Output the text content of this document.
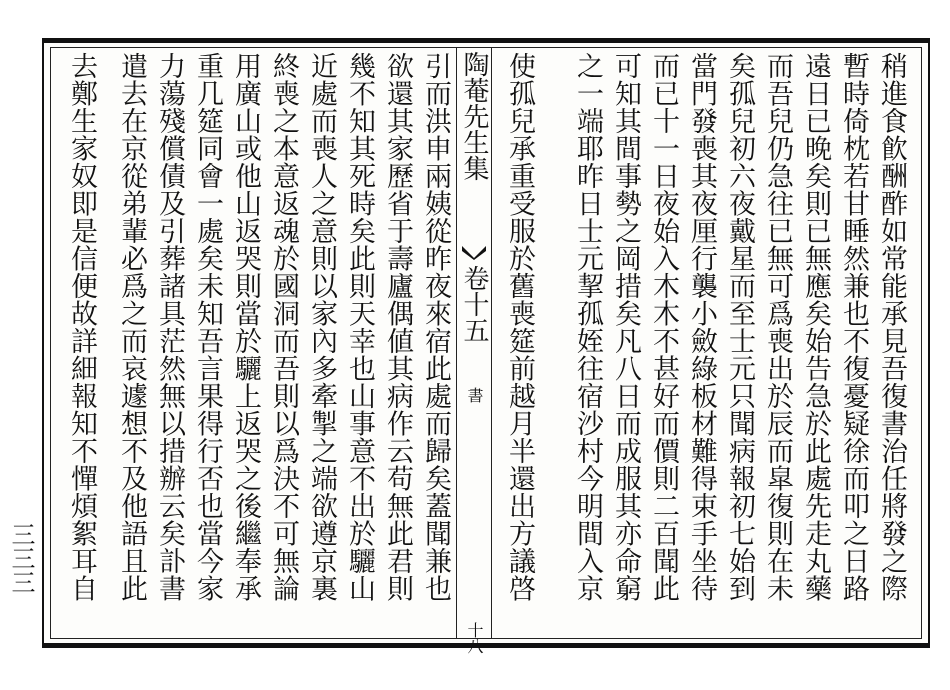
稍進食飮酬酢如常能承見吾復書治任將發之際
暫時倚枕若甘睡然兼也不復憂疑徐而叩之日路
遠日已晚矣則已無應矣始告急於此處先走丸藥
而吾兒仍急往已無可爲喪出於辰而皐復則在未
矣孤兒初六夜戴星而至士元只聞病報初七始到
當門發喪其夜厘行襲小斂綠板材難得束手坐待
而已十一日夜始入木木不甚好而價則二百聞此
可知其間事勢之岡措矣凡八日而成服其亦命窮
之一端耶昨日士元挈孤姪往宿沙村今明間入京
使孤兒承重受服於舊喪筵前越月半還出方議啓
陶菴先生集
卷十五
書
十八
引而洪申兩姨從昨夜來宿此處而歸矣蓋聞兼也
欲還其家歷省于壽廬偶値其病作云苟無此君則
幾不知其死時矣此則天幸也山事意不出於驪山
近處而喪人之意則以家內多牽掣之端欲遵京裏
終喪之本意返魂於國洞而吾則以爲決不可無論
用廣山或他山返哭則當於驪上返哭之後繼奉承
重几筵同會一處矣未知吾言果得行否也當今家
力蕩殘償債及引葬諸具茫然無以措辦云矣訃書
遣去在京從弟輩必爲之而哀遽想不及他語且此
去鄭生家奴即是信便故詳細報知不憚煩絮耳自
三三三
